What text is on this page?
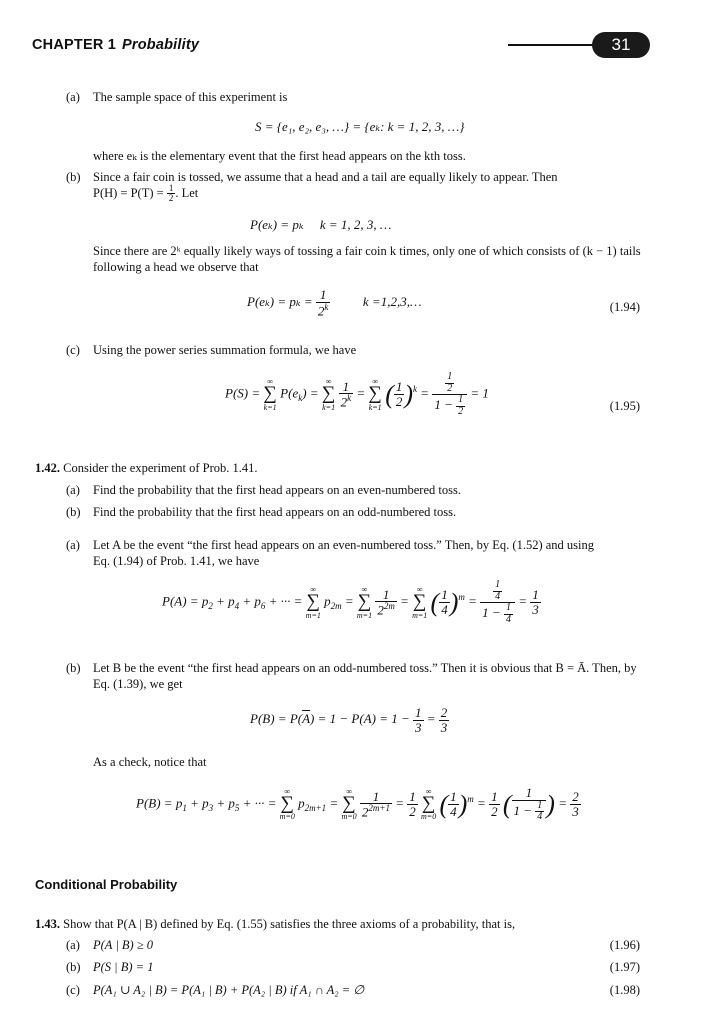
CHAPTER 1 Probability	31
(a) The sample space of this experiment is
S = {e₁, e₂, e₃, …} = {eₖ: k = 1, 2, 3, …}
where eₖ is the elementary event that the first head appears on the kth toss.
(b) Since a fair coin is tossed, we assume that a head and a tail are equally likely to appear. Then
$P(H) = P(T) = \frac{1}{2}$ . Let
P(eₖ) = pₖ     k = 1, 2, 3, …
Since there are 2ᵏ equally likely ways of tossing a fair coin k times, only one of which consists of (k − 1) tails
following a head we observe that
$P(e_k) = p_k = \frac{1}{2^k}$	k =1,2,3,…	(1.94)
(c) Using the power series summation formula, we have
P(S) =
∞
∑
k=1
$P(e_k)$ =
∞
∑
k=1
$\frac{1}{2^k}$ =
∞
∑
k=1 ( $\frac{1}{2} )^k = \frac{\frac{1}{2}}{1 - \frac{1}{2}} = 1$
(1.95)
1.42. Consider the experiment of Prob. 1.41.
(a) Find the probability that the first head appears on an even-numbered toss.
(b) Find the probability that the first head appears on an odd-numbered toss.
(a) Let A be the event “the first head appears on an even-numbered toss.” Then, by Eq. (1.52) and using
Eq. (1.94) of Prob. 1.41, we have
$P(A) = p_2 + p_4 + p_6$ + ··· =
∞
∑
m=1
$p_{2m}$ =
∞
∑
m=1
$\frac{1}{2^{2m}}$ =
∞
∑
m=1 ( $\frac{1}{4} )^m = \frac{\frac{1}{4}}{1 - \frac{1}{4}} = \frac{1}{3}$
(b) Let B be the event “the first head appears on an odd-numbered toss.” Then it is obvious that B = Ā. Then, by
Eq. (1.39), we get
$P(B) = P(\overline{A}) = 1 - P(A) = 1 - \frac{1}{3} = \frac{2}{3}$
As a check, notice that
$P(B) = p_1 + p_3 + p_5$ + ··· =
∞
∑
m=0
$p_{2m+1}$ =
∞
∑
m=0
$\frac{1}{2^{2m+1}} = \frac{1}{2}$
∞
∑
m=0 ( $\frac{1}{4} )^m = \frac{1}{2}$ ( $\frac{1}{1 - \frac{1}{4}}$ ) = $\frac{2}{3}$
Conditional Probability
1.43. Show that P(A | B) defined by Eq. (1.55) satisfies the three axioms of a probability, that is,
(a) P(A | B) ≥ 0	(1.96)
(b) P(S | B) = 1	(1.97)
(c) P(A₁ ∪ A₂ | B) = P(A₁ | B) + P(A₂ | B) if A₁ ∩ A₂ = ∅	(1.98)
